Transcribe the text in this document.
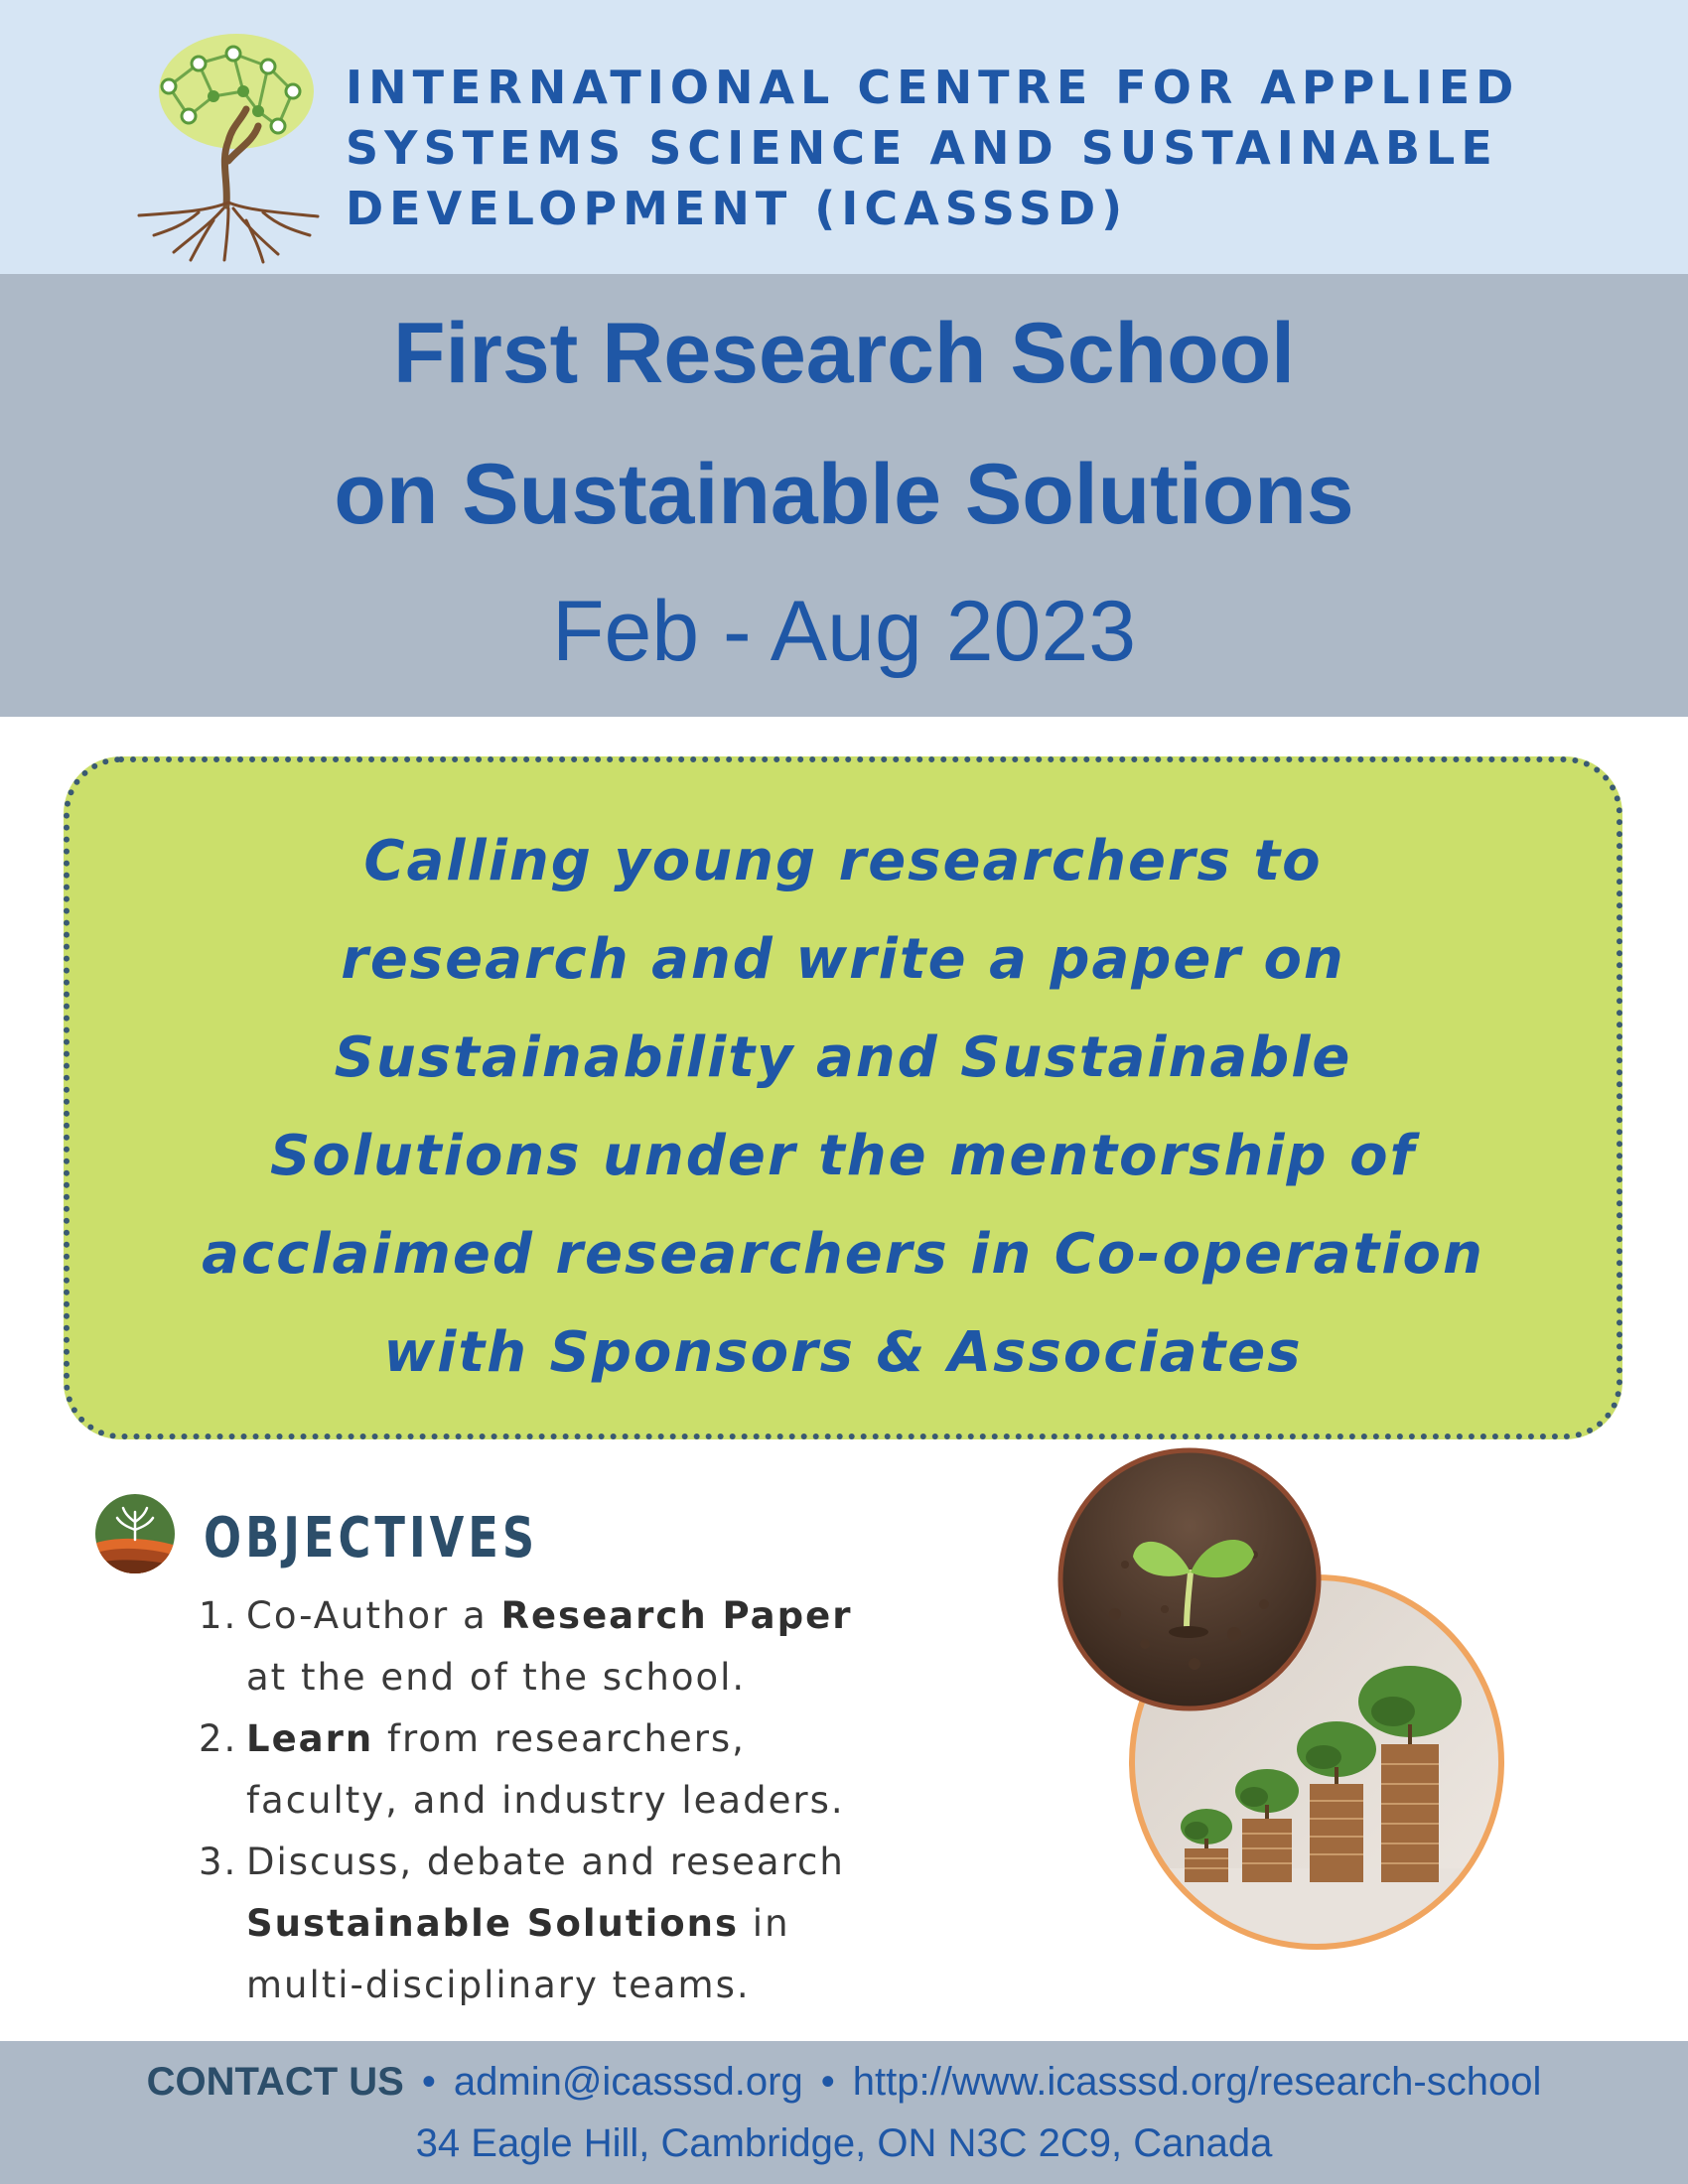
INTERNATIONAL CENTRE FOR APPLIED
SYSTEMS SCIENCE AND SUSTAINABLE
DEVELOPMENT (ICASSSD)
First Research School
on Sustainable Solutions
Feb - Aug 2023

Calling young researchers to
research and write a paper on
Sustainability and Sustainable
Solutions under the mentorship of
acclaimed researchers in Co-operation
with Sponsors & Associates

OBJECTIVES
1. Co-Author a Research Paper
at the end of the school.
2. Learn from researchers,
faculty, and industry leaders.
3. Discuss, debate and research
Sustainable Solutions in
multi-disciplinary teams.
CONTACT US • admin@icasssd.org • http://www.icasssd.org/research-school
34 Eagle Hill, Cambridge, ON N3C 2C9, Canada
